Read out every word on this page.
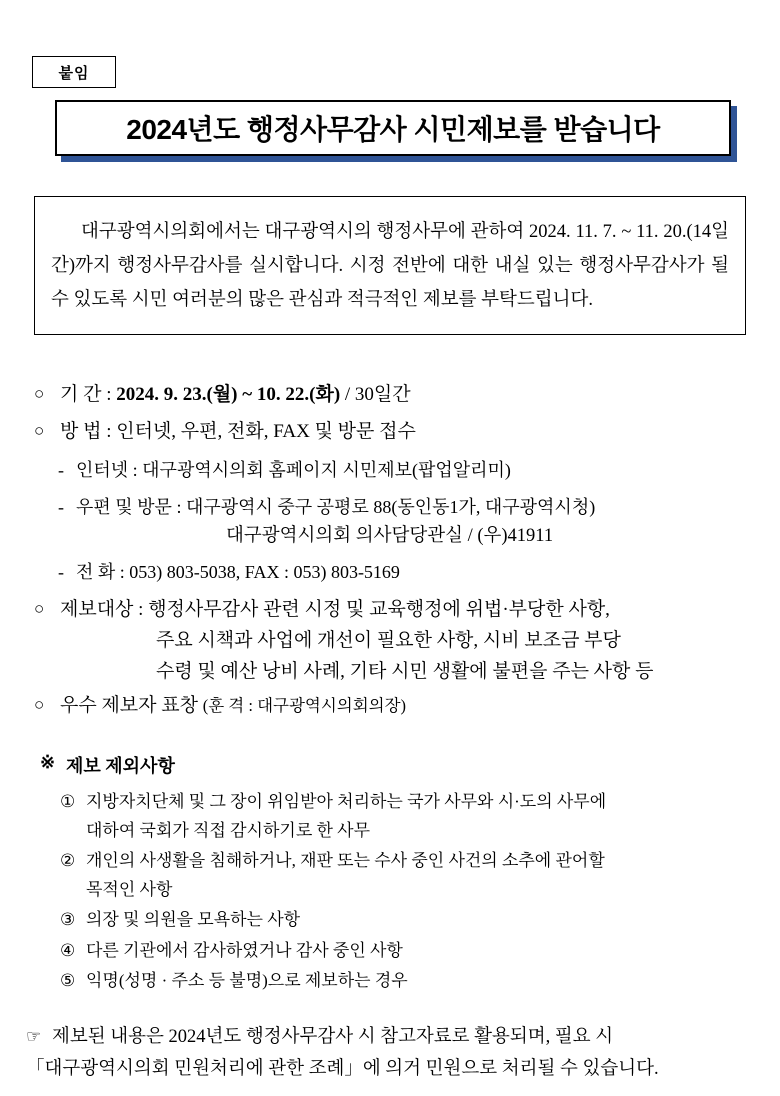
붙임
2024년도 행정사무감사 시민제보를 받습니다

대구광역시의회에서는 대구광역시의 행정사무에 관하여 2024. 11. 7. ~ 11. 20.(14일간)까지 행정사무감사를 실시합니다. 시정 전반에 대한 내실 있는 행정사무감사가 될 수 있도록 시민 여러분의 많은 관심과 적극적인 제보를 부탁드립니다.

○ 기 간 : 2024. 9. 23.(월) ~ 10. 22.(화) / 30일간
○ 방 법 : 인터넷, 우편, 전화, FAX 및 방문 접수
- 인터넷 : 대구광역시의회 홈페이지 시민제보(팝업알리미)
- 우편 및 방문 : 대구광역시 중구 공평로 88(동인동1가, 대구광역시청)
대구광역시의회 의사담당관실 / (우)41911
- 전 화 : 053) 803-5038, FAX : 053) 803-5169
○ 제보대상 : 행정사무감사 관련 시정 및 교육행정에 위법·부당한 사항,
주요 시책과 사업에 개선이 필요한 사항, 시비 보조금 부당
수령 및 예산 낭비 사례, 기타 시민 생활에 불편을 주는 사항 등
○ 우수 제보자 표창 (훈 격 : 대구광역시의회의장)
※ 제보 제외사항
① 지방자치단체 및 그 장이 위임받아 처리하는 국가 사무와 시·도의 사무에
대하여 국회가 직접 감시하기로 한 사무
② 개인의 사생활을 침해하거나, 재판 또는 수사 중인 사건의 소추에 관어할
목적인 사항
③ 의장 및 의원을 모욕하는 사항
④ 다른 기관에서 감사하였거나 감사 중인 사항
⑤ 익명(성명 · 주소 등 불명)으로 제보하는 경우
☞ 제보된 내용은 2024년도 행정사무감사 시 참고자료로 활용되며, 필요 시
「대구광역시의회 민원처리에 관한 조례」에 의거 민원으로 처리될 수 있습니다.
